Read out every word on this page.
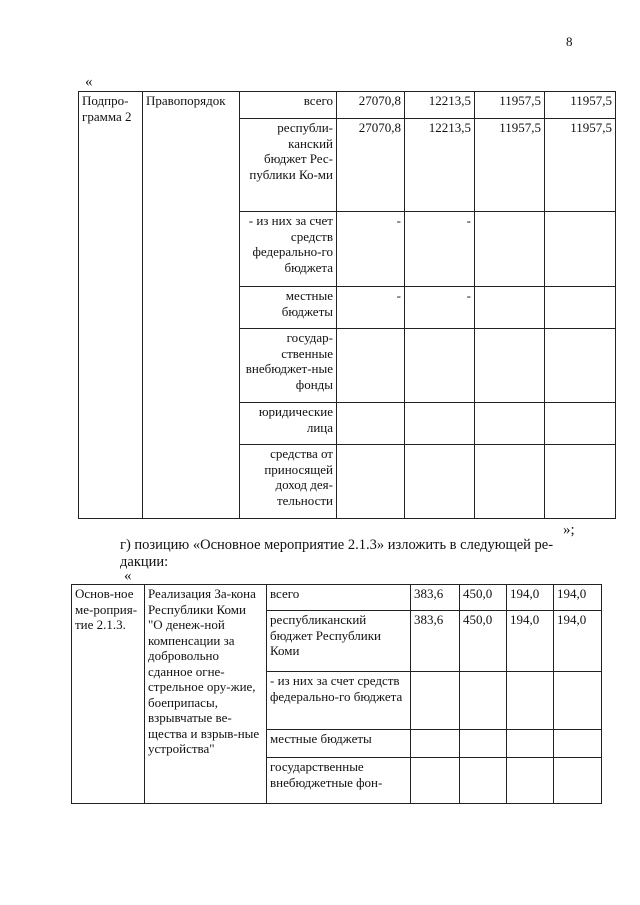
8
«
Подпро-грамма 2	Правопорядок	всего	27070,8	12213,5	11957,5	11957,5
		республи-канский бюджет Рес-публики Ко-ми	27070,8	12213,5	11957,5	11957,5
		- из них за счет средств федерально-го бюджета	-	-		
		местные бюджеты	-	-		
		государ-ственные внебюджет-ные фонды				
		юридические лица				
		средства от приносящей доход дея-тельности				
»;
г) позицию «Основное мероприятие 2.1.3» изложить в следующей ре-дакции:
«
Основ-ное ме-роприя-тие 2.1.3.	Реализация За-кона Республики Коми "О денеж-ной компенсации за добровольно сданное огне-стрельное ору-жие, боеприпасы, взрывчатые ве-щества и взрыв-ные устройства"	всего	383,6	450,0	194,0	194,0
		республиканский бюджет Республики Коми	383,6	450,0	194,0	194,0
		- из них за счет средств федерально-го бюджета				
		местные бюджеты				
		государственные внебюджетные фон-				
